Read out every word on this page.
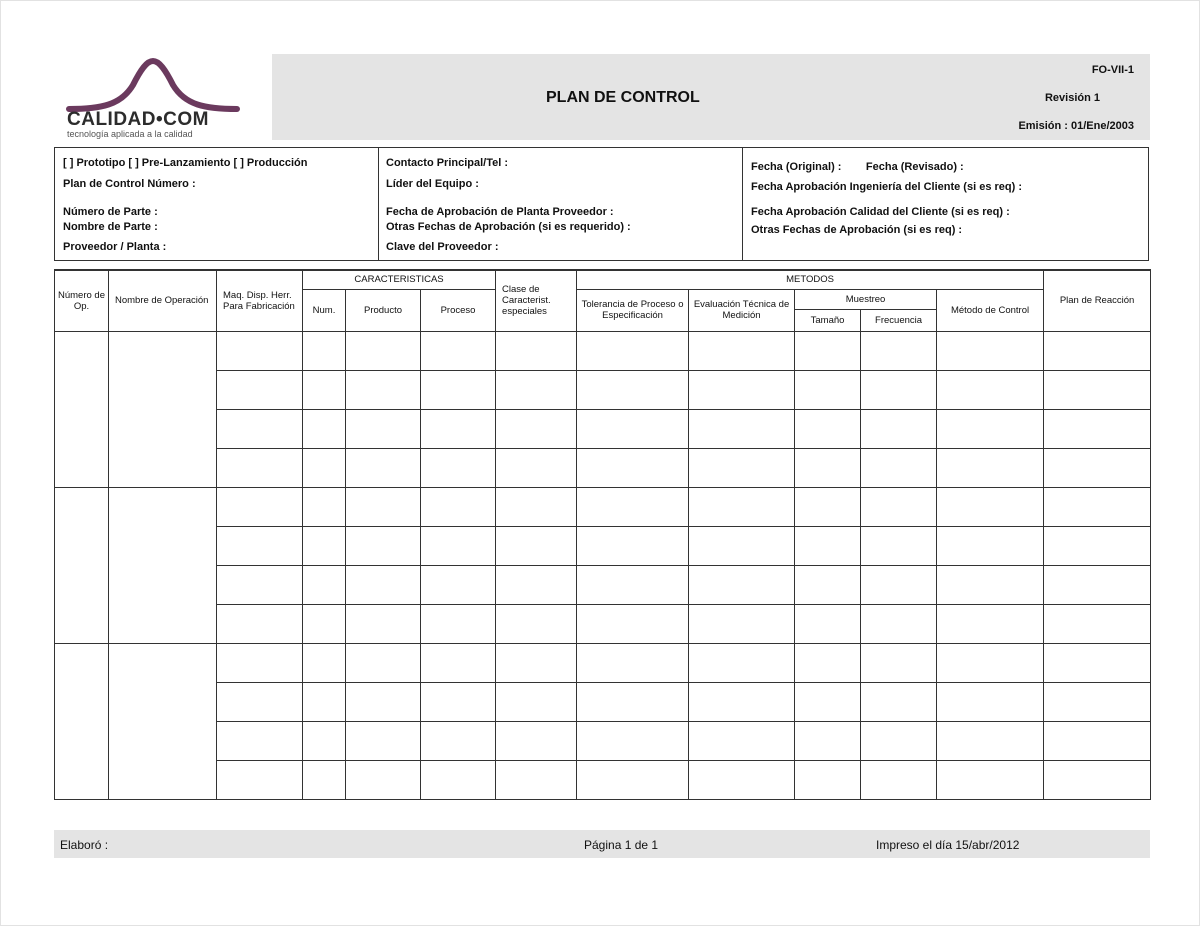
CALIDAD•COM
tecnología aplicada a la calidad
PLAN DE CONTROL
FO-VII-1
Revisión 1
Emisión : 01/Ene/2003
[ ] Prototipo [ ] Pre-Lanzamiento [ ] Producción
Plan de Control Número :
Número de Parte :
Nombre de Parte :
Proveedor / Planta :
Contacto Principal/Tel :
Líder del Equipo :
Fecha de Aprobación de Planta Proveedor :
Otras Fechas de Aprobación (si es requerido) :
Clave del Proveedor :
Fecha (Original) :        Fecha (Revisado) :
Fecha Aprobación Ingeniería del Cliente (si es req) :
Fecha Aprobación Calidad del Cliente (si es req) :
Otras Fechas de Aprobación (si es req) :
Número de Op.	Nombre de Operación	Maq. Disp. Herr. Para Fabricación	CARACTERISTICAS			Clase de Caracterist. especiales	METODOS					Plan de Reacción
			Num.	Producto	Proceso		Tolerancia de Proceso o Especificación	Evaluación Técnica de Medición	Muestreo		Método de Control	
									Tamaño	Frecuencia		

Elaboró :	Página 1 de 1	Impreso el día 15/abr/2012
